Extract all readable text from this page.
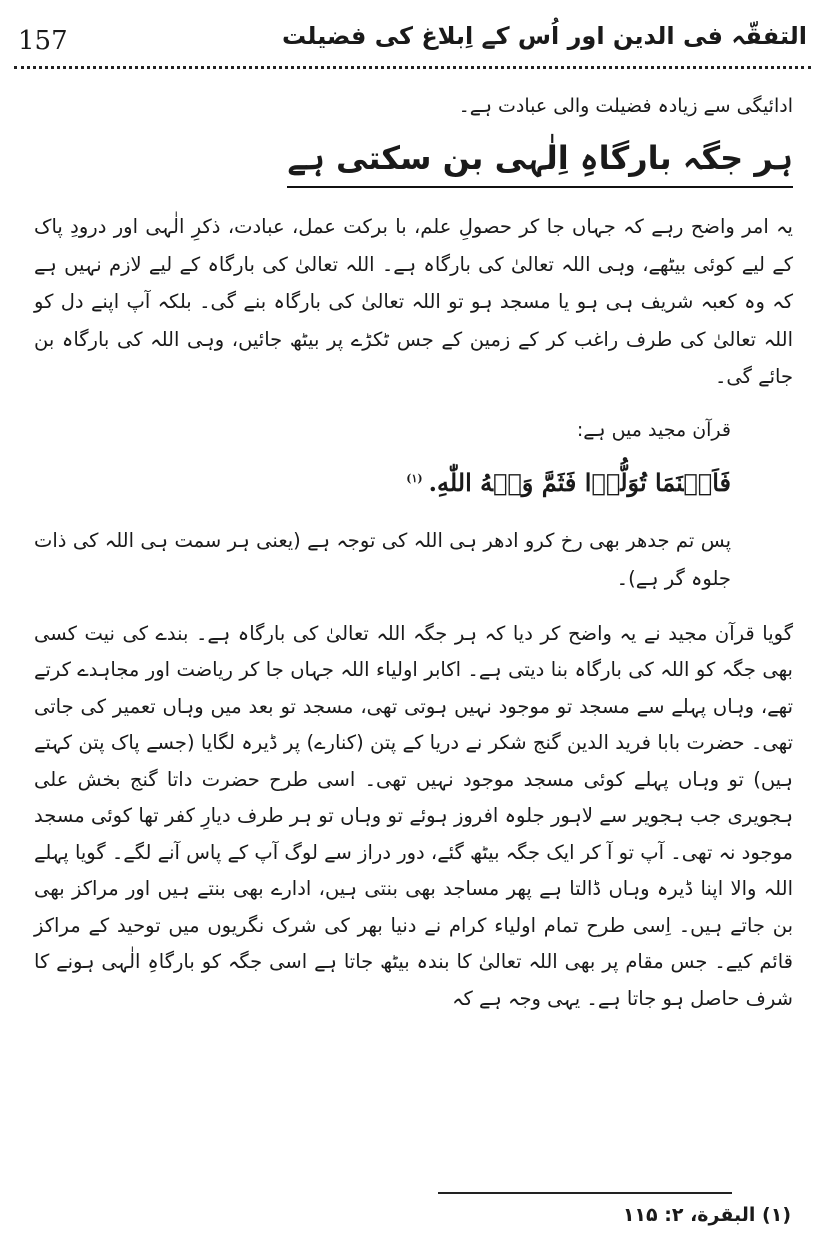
157	التفقّہ فی الدین اور اُس کے اِبلاغ کی فضیلت

ادائیگی سے زیادہ فضیلت والی عبادت ہے۔

ہر جگہ بارگاہِ اِلٰہی بن سکتی ہے

یہ امر واضح رہے کہ جہاں جا کر حصولِ علم، با برکت عمل، عبادت، ذکرِ الٰہی اور درودِ پاک کے لیے کوئی بیٹھے، وہی اللہ تعالیٰ کی بارگاہ ہے۔ اللہ تعالیٰ کی بارگاہ کے لیے لازم نہیں ہے کہ وہ کعبہ شریف ہی ہو یا مسجد ہو تو اللہ تعالیٰ کی بارگاہ بنے گی۔ بلکہ آپ اپنے دل کو اللہ تعالیٰ کی طرف راغب کر کے زمین کے جس ٹکڑے پر بیٹھ جائیں، وہی اللہ کی بارگاہ بن جائے گی۔

قرآن مجید میں ہے:

فَاَيۡنَمَا تُوَلُّوۡا فَثَمَّ وَجۡهُ اللّٰهِ.$^{(۱)}$

پس تم جدھر بھی رخ کرو ادھر ہی اللہ کی توجہ ہے (یعنی ہر سمت ہی اللہ کی ذات جلوہ گر ہے)۔

گویا قرآن مجید نے یہ واضح کر دیا کہ ہر جگہ اللہ تعالیٰ کی بارگاہ ہے۔ بندے کی نیت کسی بھی جگہ کو اللہ کی بارگاہ بنا دیتی ہے۔ اکابر اولیاء اللہ جہاں جا کر ریاضت اور مجاہدے کرتے تھے، وہاں پہلے سے مسجد تو موجود نہیں ہوتی تھی، مسجد تو بعد میں وہاں تعمیر کی جاتی تھی۔ حضرت بابا فرید الدین گنج شکر نے دریا کے پتن (کنارے) پر ڈیرہ لگایا (جسے پاک پتن کہتے ہیں) تو وہاں پہلے کوئی مسجد موجود نہیں تھی۔ اسی طرح حضرت داتا گنج بخش علی ہجویری جب ہجویر سے لاہور جلوہ افروز ہوئے تو وہاں تو ہر طرف دیارِ کفر تھا کوئی مسجد موجود نہ تھی۔ آپ تو آ کر ایک جگہ بیٹھ گئے، دور دراز سے لوگ آپ کے پاس آنے لگے۔ گویا پہلے اللہ والا اپنا ڈیرہ وہاں ڈالتا ہے پھر مساجد بھی بنتی ہیں، ادارے بھی بنتے ہیں اور مراکز بھی بن جاتے ہیں۔ اِسی طرح تمام اولیاء کرام نے دنیا بھر کی شرک نگریوں میں توحید کے مراکز قائم کیے۔ جس مقام پر بھی اللہ تعالیٰ کا بندہ بیٹھ جاتا ہے اسی جگہ کو بارگاہِ الٰہی ہونے کا شرف حاصل ہو جاتا ہے۔ یہی وجہ ہے کہ

(۱) البقرة، ۲: ۱۱۵
